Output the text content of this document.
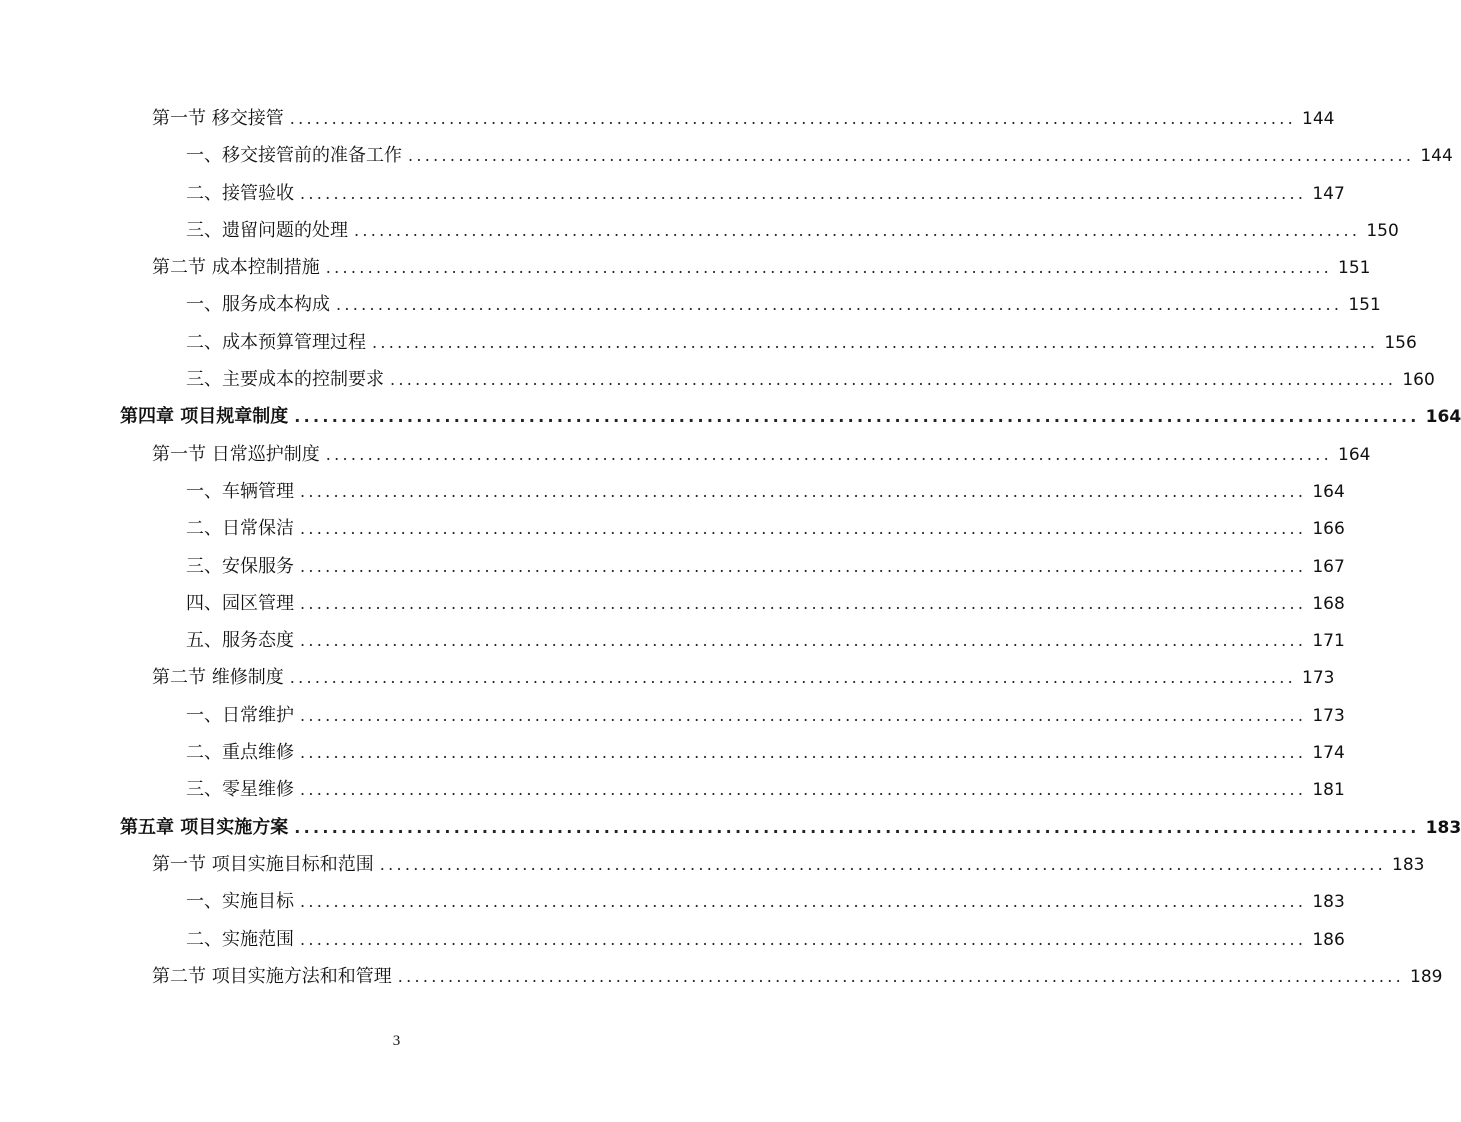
第一节 移交接管 ........................................................................................................................ 144
一、移交接管前的准备工作 ........................................................................................................................ 144
二、接管验收 ........................................................................................................................ 147
三、遗留问题的处理 ........................................................................................................................ 150
第二节 成本控制措施 ........................................................................................................................ 151
一、服务成本构成 ........................................................................................................................ 151
二、成本预算管理过程 ........................................................................................................................ 156
三、主要成本的控制要求 ........................................................................................................................ 160
第四章 项目规章制度 ........................................................................................................................ 164
第一节 日常巡护制度 ........................................................................................................................ 164
一、车辆管理 ........................................................................................................................ 164
二、日常保洁 ........................................................................................................................ 166
三、安保服务 ........................................................................................................................ 167
四、园区管理 ........................................................................................................................ 168
五、服务态度 ........................................................................................................................ 171
第二节 维修制度 ........................................................................................................................ 173
一、日常维护 ........................................................................................................................ 173
二、重点维修 ........................................................................................................................ 174
三、零星维修 ........................................................................................................................ 181
第五章 项目实施方案 ........................................................................................................................ 183
第一节 项目实施目标和范围 ........................................................................................................................ 183
一、实施目标 ........................................................................................................................ 183
二、实施范围 ........................................................................................................................ 186
第二节 项目实施方法和和管理 ........................................................................................................................ 189
3
